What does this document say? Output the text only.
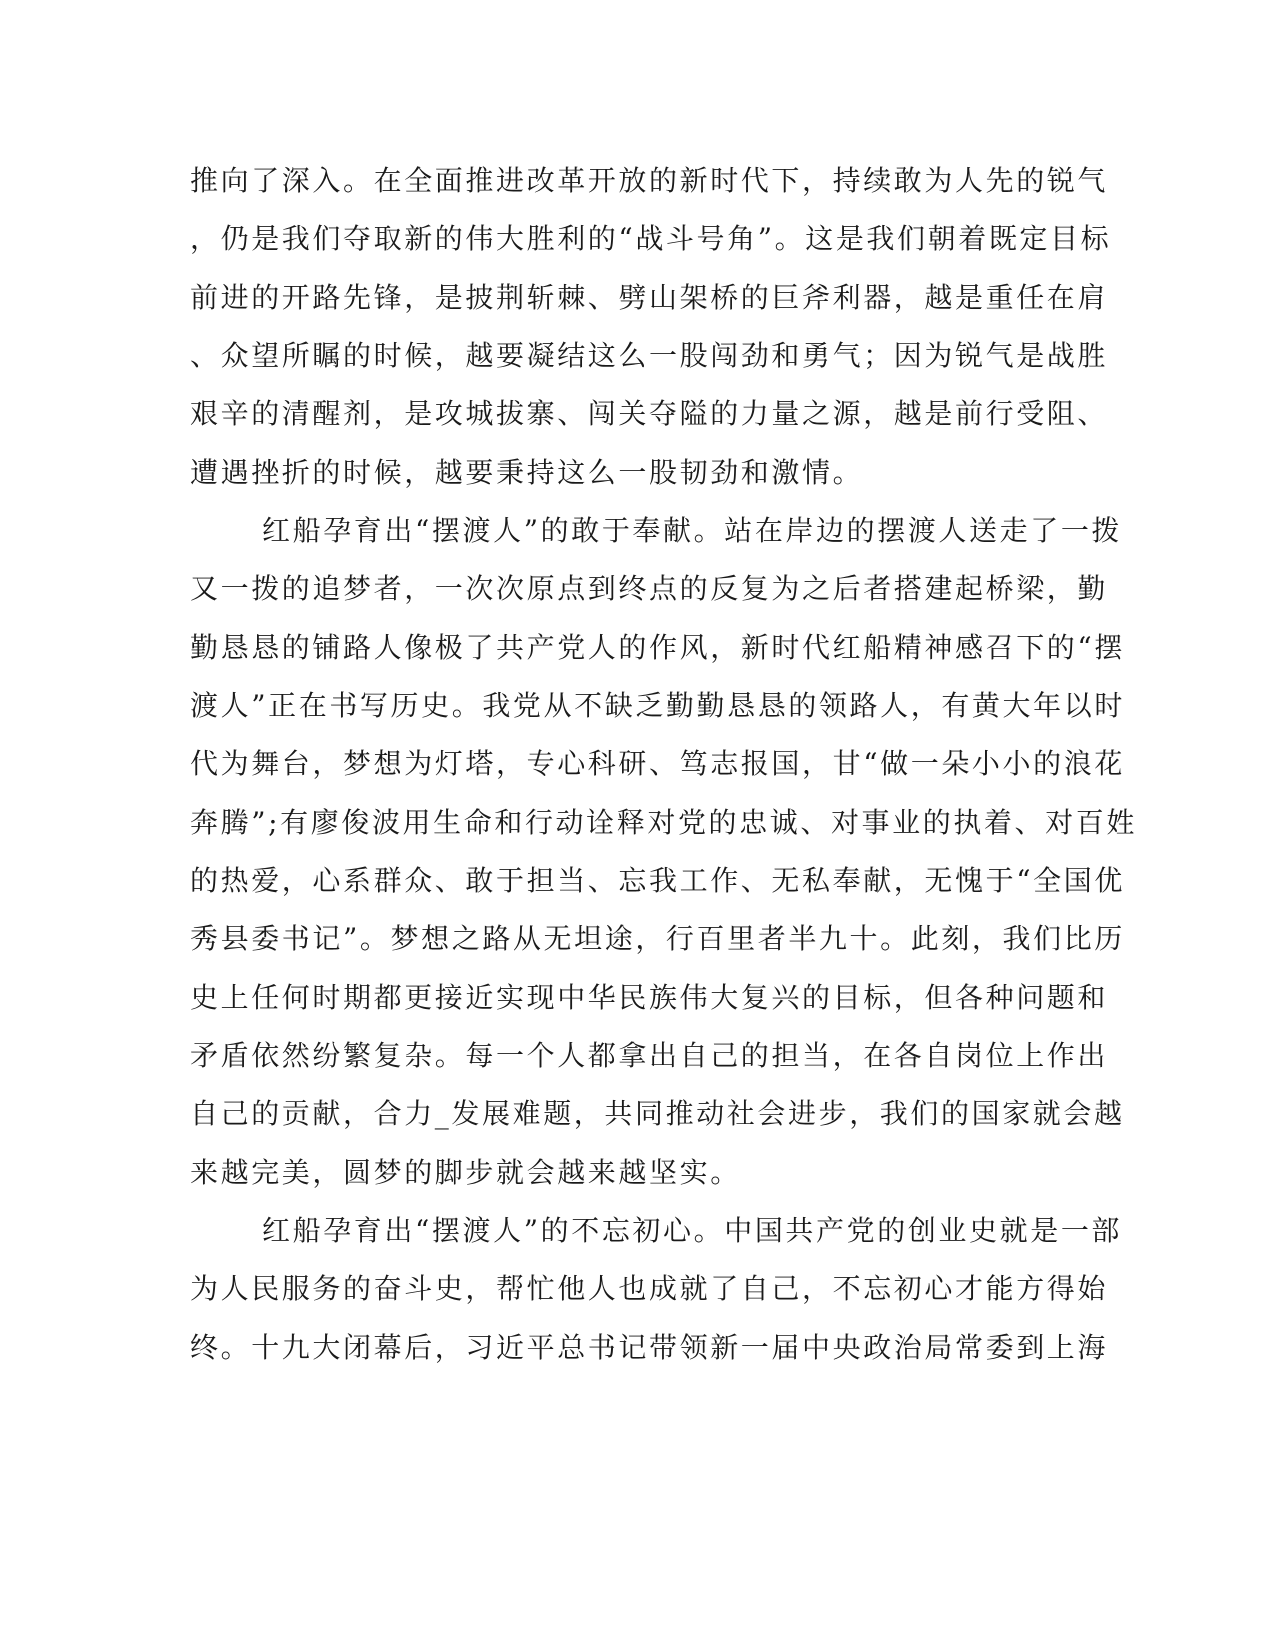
推向了深入。在全面推进改革开放的新时代下，持续敢为人先的锐气
，仍是我们夺取新的伟大胜利的“战斗号角”。这是我们朝着既定目标
前进的开路先锋，是披荆斩棘、劈山架桥的巨斧利器，越是重任在肩
、众望所瞩的时候，越要凝结这么一股闯劲和勇气；因为锐气是战胜
艰辛的清醒剂，是攻城拔寨、闯关夺隘的力量之源，越是前行受阻、
遭遇挫折的时候，越要秉持这么一股韧劲和激情。
红船孕育出“摆渡人”的敢于奉献。站在岸边的摆渡人送走了一拨
又一拨的追梦者，一次次原点到终点的反复为之后者搭建起桥梁，勤
勤恳恳的铺路人像极了共产党人的作风，新时代红船精神感召下的“摆
渡人”正在书写历史。我党从不缺乏勤勤恳恳的领路人，有黄大年以时
代为舞台，梦想为灯塔，专心科研、笃志报国，甘“做一朵小小的浪花
奔腾”;有廖俊波用生命和行动诠释对党的忠诚、对事业的执着、对百姓
的热爱，心系群众、敢于担当、忘我工作、无私奉献，无愧于“全国优
秀县委书记”。梦想之路从无坦途，行百里者半九十。此刻，我们比历
史上任何时期都更接近实现中华民族伟大复兴的目标，但各种问题和
矛盾依然纷繁复杂。每一个人都拿出自己的担当，在各自岗位上作出
自己的贡献，合力_发展难题，共同推动社会进步，我们的国家就会越
来越完美，圆梦的脚步就会越来越坚实。
红船孕育出“摆渡人”的不忘初心。中国共产党的创业史就是一部
为人民服务的奋斗史，帮忙他人也成就了自己，不忘初心才能方得始
终。十九大闭幕后，习近平总书记带领新一届中央政治局常委到上海
